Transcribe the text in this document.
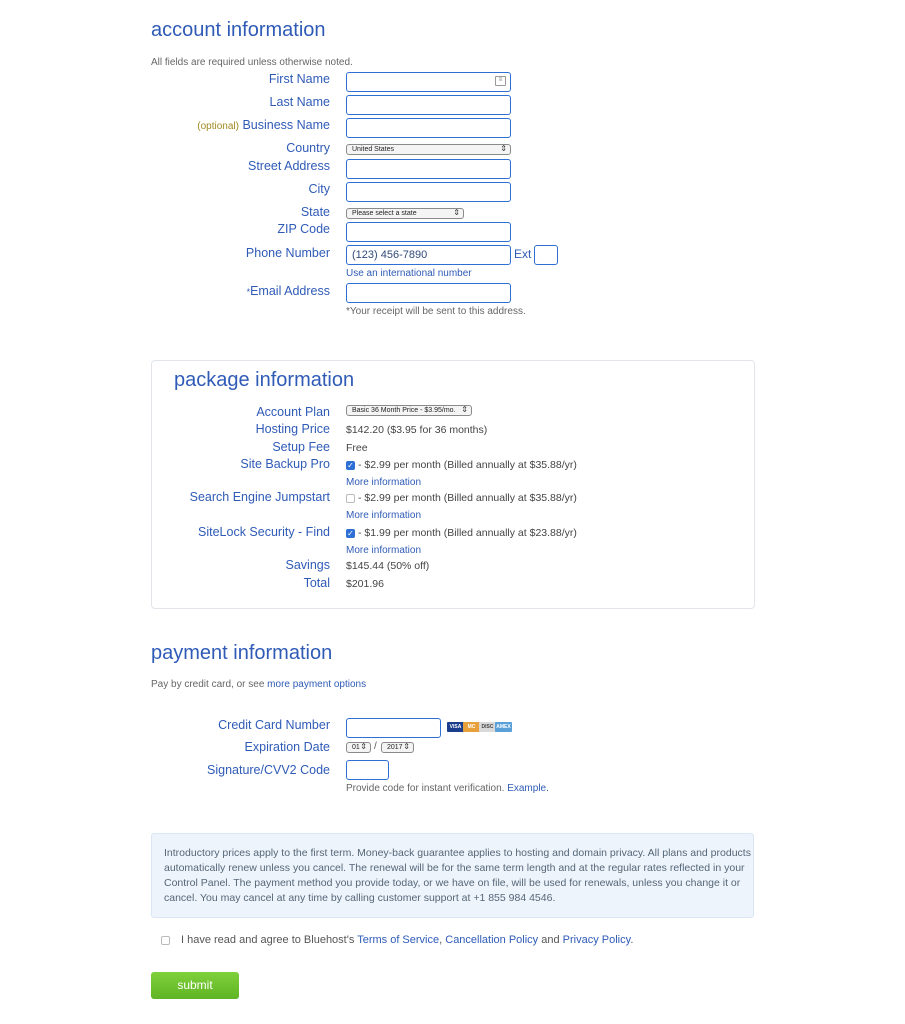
account information
All fields are required unless otherwise noted.
First Name	≡
Last Name
(optional) Business Name
Country	United States	⇕
Street Address
City
State	Please select a state	⇕
ZIP Code
Phone Number	(123) 456-7890	Ext
Use an international number
*Email Address
*Your receipt will be sent to this address.
package information
Account Plan	Basic 36 Month Price - $3.95/mo. ⇕
Hosting Price $142.20 ($3.95 for 36 months)
Setup Fee Free
Site Backup Pro ✓ - $2.99 per month (Billed annually at $35.88/yr)
More information
Search Engine Jumpstart	- $2.99 per month (Billed annually at $35.88/yr)
More information
SiteLock Security - Find ✓ - $1.99 per month (Billed annually at $23.88/yr)
More information
Savings $145.44 (50% off)
Total $201.96
payment information
Pay by credit card, or see more payment options
Credit Card Number	VISA	MC	DISC AMEX
Expiration Date	01 ⇕ /	2017 ⇕
Signature/CVV2 Code
Provide code for instant verification. Example.
Introductory prices apply to the first term. Money-back guarantee applies to hosting and domain privacy. All plans and products
automatically renew unless you cancel. The renewal will be for the same term length and at the regular rates reflected in your
Control Panel. The payment method you provide today, or we have on file, will be used for renewals, unless you change it or
cancel. You may cancel at any time by calling customer support at +1 855 984 4546.
I have read and agree to Bluehost's Terms of Service, Cancellation Policy and Privacy Policy.
submit
